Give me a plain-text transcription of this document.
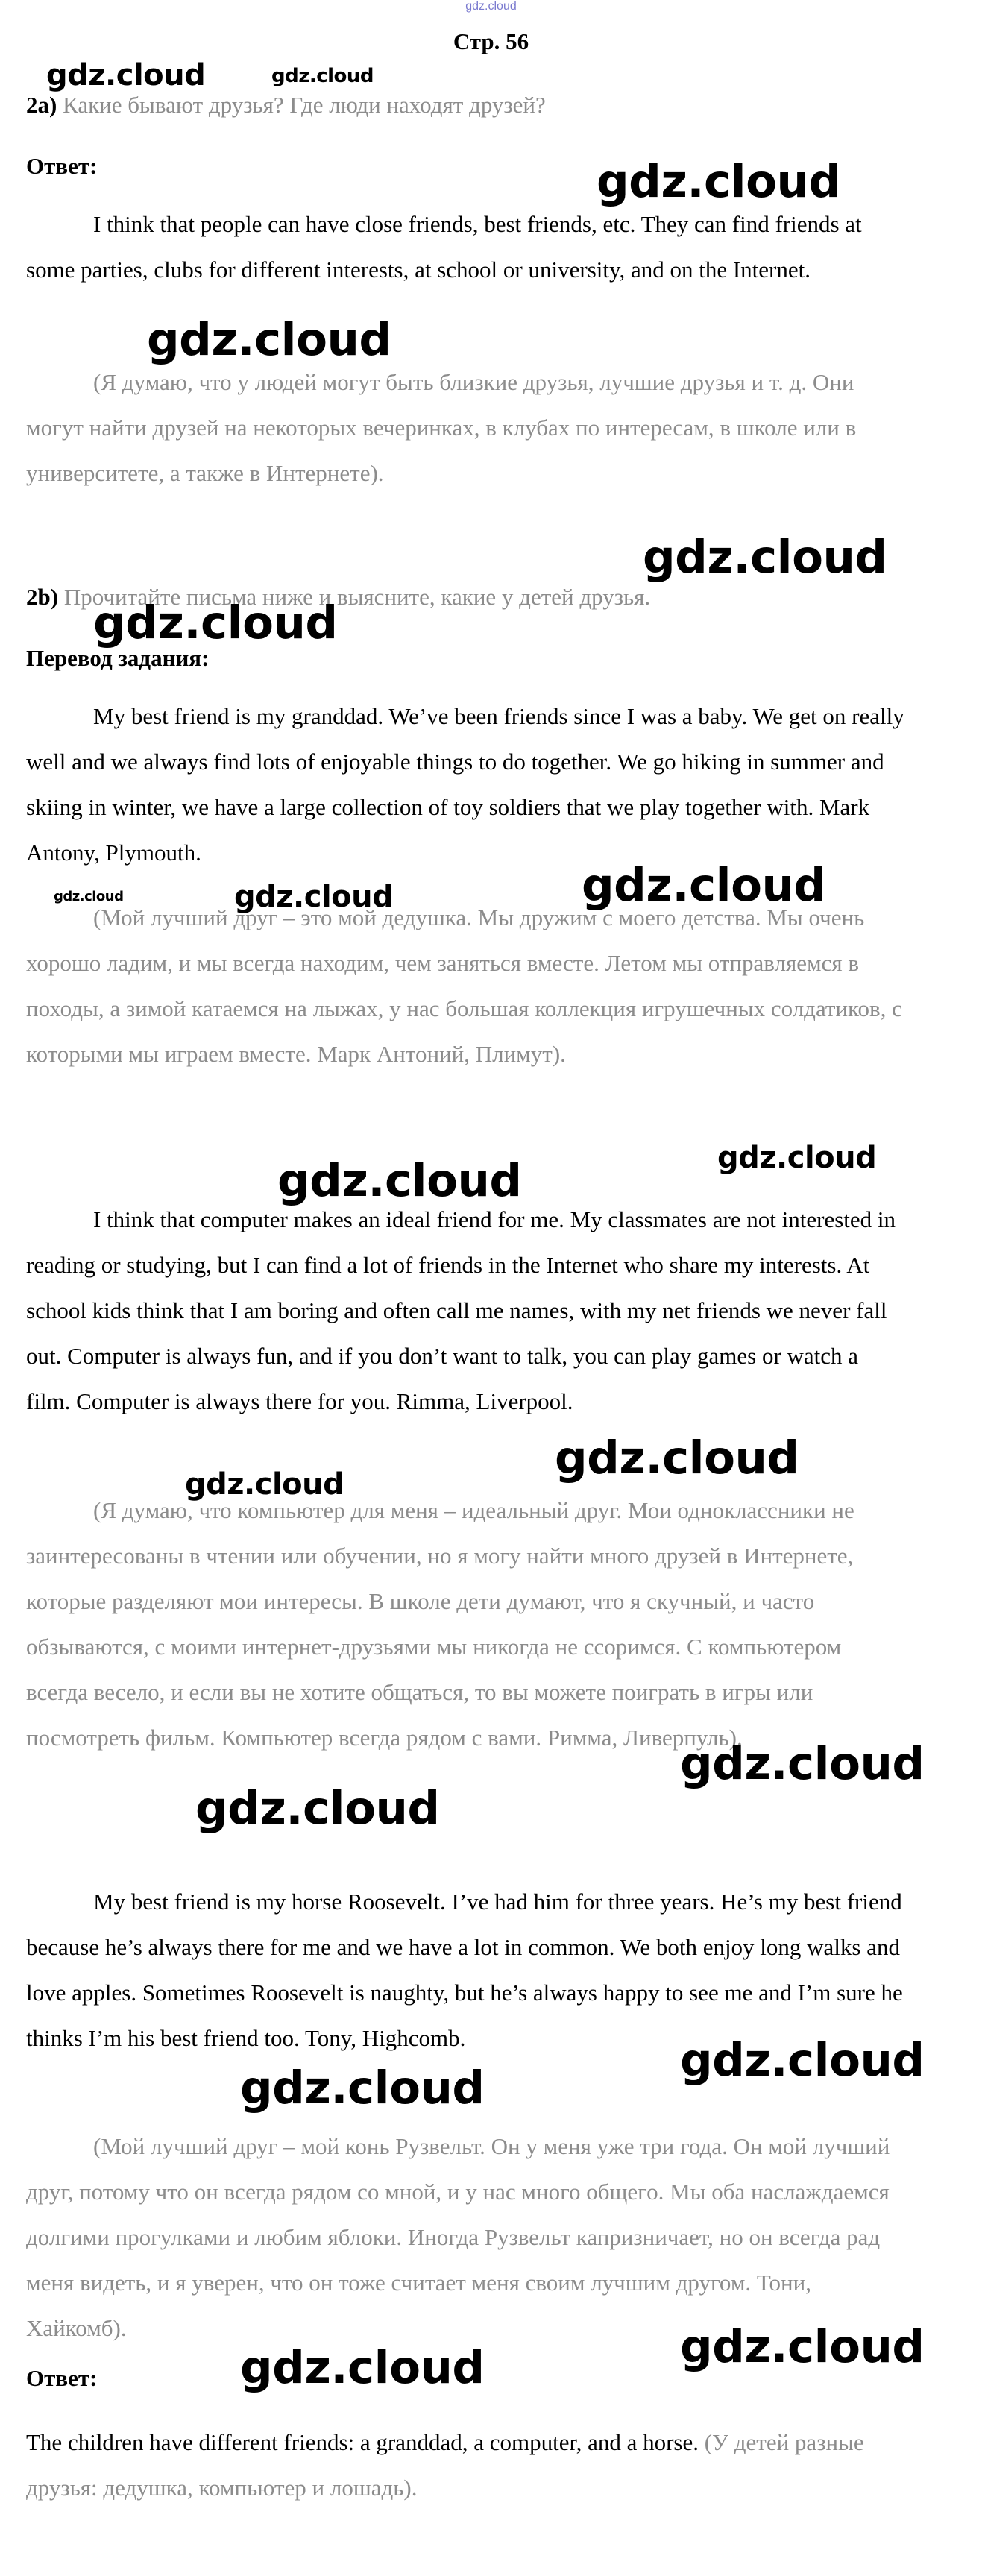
gdz.cloud
Стр. 56
2a) Какие бывают друзья? Где люди находят друзей?
Ответ:
I think that people can have close friends, best friends, etc. They can find friends at some parties, clubs for different interests, at school or university, and on the Internet.
(Я думаю, что у людей могут быть близкие друзья, лучшие друзья и т. д. Они могут найти друзей на некоторых вечеринках, в клубах по интересам, в школе или в университете, а также в Интернете).
2b) Прочитайте письма ниже и выясните, какие у детей друзья.
Перевод задания:
My best friend is my granddad. We’ve been friends since I was a baby. We get on really well and we always find lots of enjoyable things to do together. We go hiking in summer and skiing in winter, we have a large collection of toy soldiers that we play together with. Mark Antony, Plymouth.
(Мой лучший друг – это мой дедушка. Мы дружим с моего детства. Мы очень хорошо ладим, и мы всегда находим, чем заняться вместе. Летом мы отправляемся в походы, а зимой катаемся на лыжах, у нас большая коллекция игрушечных солдатиков, с которыми мы играем вместе. Марк Антоний, Плимут).
I think that computer makes an ideal friend for me. My classmates are not interested in reading or studying, but I can find a lot of friends in the Internet who share my interests. At school kids think that I am boring and often call me names, with my net friends we never fall out. Computer is always fun, and if you don’t want to talk, you can play games or watch a film. Computer is always there for you. Rimma, Liverpool.
(Я думаю, что компьютер для меня – идеальный друг. Мои одноклассники не заинтересованы в чтении или обучении, но я могу найти много друзей в Интернете, которые разделяют мои интересы. В школе дети думают, что я скучный, и часто обзываются, с моими интернет-друзьями мы никогда не ссоримся. С компьютером всегда весело, и если вы не хотите общаться, то вы можете поиграть в игры или посмотреть фильм. Компьютер всегда рядом с вами. Римма, Ливерпуль).
My best friend is my horse Roosevelt. I’ve had him for three years. He’s my best friend because he’s always there for me and we have a lot in common. We both enjoy long walks and love apples. Sometimes Roosevelt is naughty, but he’s always happy to see me and I’m sure he thinks I’m his best friend too. Tony, Highcomb.
(Мой лучший друг – мой конь Рузвельт. Он у меня уже три года. Он мой лучший друг, потому что он всегда рядом со мной, и у нас много общего. Мы оба наслаждаемся долгими прогулками и любим яблоки. Иногда Рузвельт капризничает, но он всегда рад меня видеть, и я уверен, что он тоже считает меня своим лучшим другом. Тони, Хайкомб).
Ответ:
The children have different friends: a granddad, a computer, and a horse. (У детей разные друзья: дедушка, компьютер и лошадь).
gdz.cloud	gdz.cloud
gdz.cloud
gdz.cloud
gdz.cloud
gdz.cloud
gdz.cloud	gdz.cloud	gdz.cloud
gdz.cloud	gdz.cloud
gdz.cloud
gdz.cloud
gdz.cloud
gdz.cloud
gdz.cloud
gdz.cloud
gdz.cloud
gdz.cloud
